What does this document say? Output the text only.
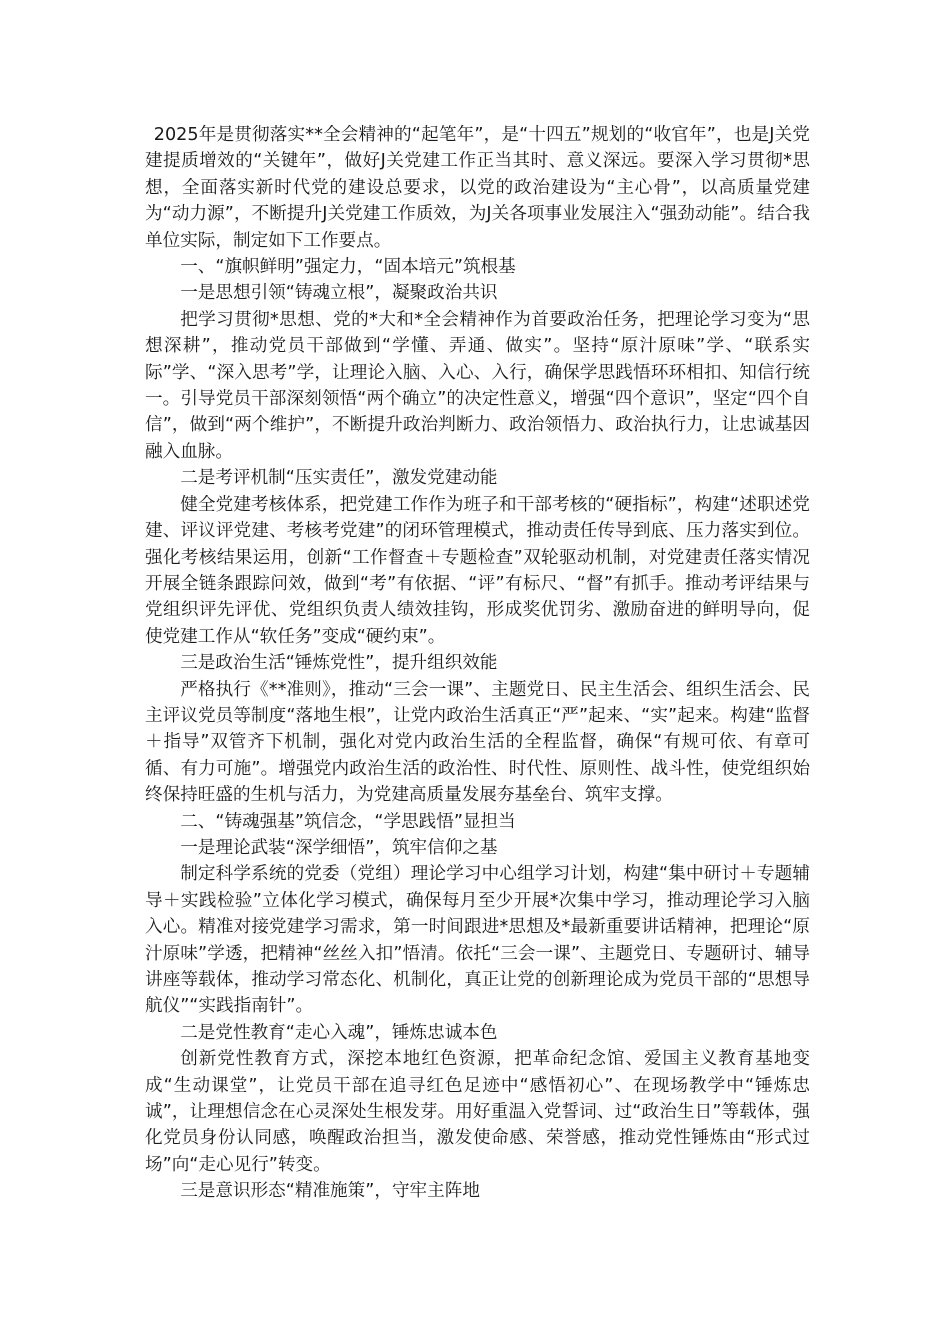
2025年是贯彻落实**全会精神的“起笔年”，是“十四五”规划的“收官年”，也是J关党建提质增效的“关键年”，做好J关党建工作正当其时、意义深远。要深入学习贯彻*思想，全面落实新时代党的建设总要求，以党的政治建设为“主心骨”，以高质量党建为“动力源”，不断提升J关党建工作质效，为J关各项事业发展注入“强劲动能”。结合我单位实际，制定如下工作要点。

一、“旗帜鲜明”强定力，“固本培元”筑根基

一是思想引领“铸魂立根”，凝聚政治共识

把学习贯彻*思想、党的*大和*全会精神作为首要政治任务，把理论学习变为“思想深耕”，推动党员干部做到“学懂、弄通、做实”。坚持“原汁原味”学、“联系实际”学、“深入思考”学，让理论入脑、入心、入行，确保学思践悟环环相扣、知信行统一。引导党员干部深刻领悟“两个确立”的决定性意义，增强“四个意识”，坚定“四个自信”，做到“两个维护”，不断提升政治判断力、政治领悟力、政治执行力，让忠诚基因融入血脉。

二是考评机制“压实责任”，激发党建动能

健全党建考核体系，把党建工作作为班子和干部考核的“硬指标”，构建“述职述党建、评议评党建、考核考党建”的闭环管理模式，推动责任传导到底、压力落实到位。强化考核结果运用，创新“工作督查＋专题检查”双轮驱动机制，对党建责任落实情况开展全链条跟踪问效，做到“考”有依据、“评”有标尺、“督”有抓手。推动考评结果与党组织评先评优、党组织负责人绩效挂钩，形成奖优罚劣、激励奋进的鲜明导向，促使党建工作从“软任务”变成“硬约束”。

三是政治生活“锤炼党性”，提升组织效能

严格执行《**准则》，推动“三会一课”、主题党日、民主生活会、组织生活会、民主评议党员等制度“落地生根”，让党内政治生活真正“严”起来、“实”起来。构建“监督＋指导”双管齐下机制，强化对党内政治生活的全程监督，确保“有规可依、有章可循、有力可施”。增强党内政治生活的政治性、时代性、原则性、战斗性，使党组织始终保持旺盛的生机与活力，为党建高质量发展夯基垒台、筑牢支撑。

二、“铸魂强基”筑信念，“学思践悟”显担当

一是理论武装“深学细悟”，筑牢信仰之基

制定科学系统的党委（党组）理论学习中心组学习计划，构建“集中研讨＋专题辅导＋实践检验”立体化学习模式，确保每月至少开展*次集中学习，推动理论学习入脑入心。精准对接党建学习需求，第一时间跟进*思想及*最新重要讲话精神，把理论“原汁原味”学透，把精神“丝丝入扣”悟清。依托“三会一课”、主题党日、专题研讨、辅导讲座等载体，推动学习常态化、机制化，真正让党的创新理论成为党员干部的“思想导航仪”“实践指南针”。

二是党性教育“走心入魂”，锤炼忠诚本色

创新党性教育方式，深挖本地红色资源，把革命纪念馆、爱国主义教育基地变成“生动课堂”，让党员干部在追寻红色足迹中“感悟初心”、在现场教学中“锤炼忠诚”，让理想信念在心灵深处生根发芽。用好重温入党誓词、过“政治生日”等载体，强化党员身份认同感，唤醒政治担当，激发使命感、荣誉感，推动党性锤炼由“形式过场”向“走心见行”转变。

三是意识形态“精准施策”，守牢主阵地
